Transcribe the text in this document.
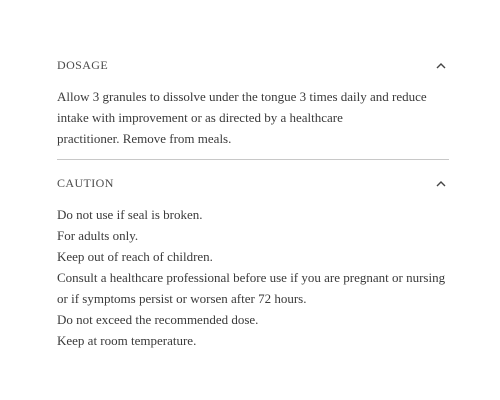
DOSAGE

Allow 3 granules to dissolve under the tongue 3 times daily and reduce
intake with improvement or as directed by a healthcare
practitioner. Remove from meals.

CAUTION
Do not use if seal is broken.
For adults only.
Keep out of reach of children.
Consult a healthcare professional before use if you are pregnant or nursing
or if symptoms persist or worsen after 72 hours.
Do not exceed the recommended dose.
Keep at room temperature.
